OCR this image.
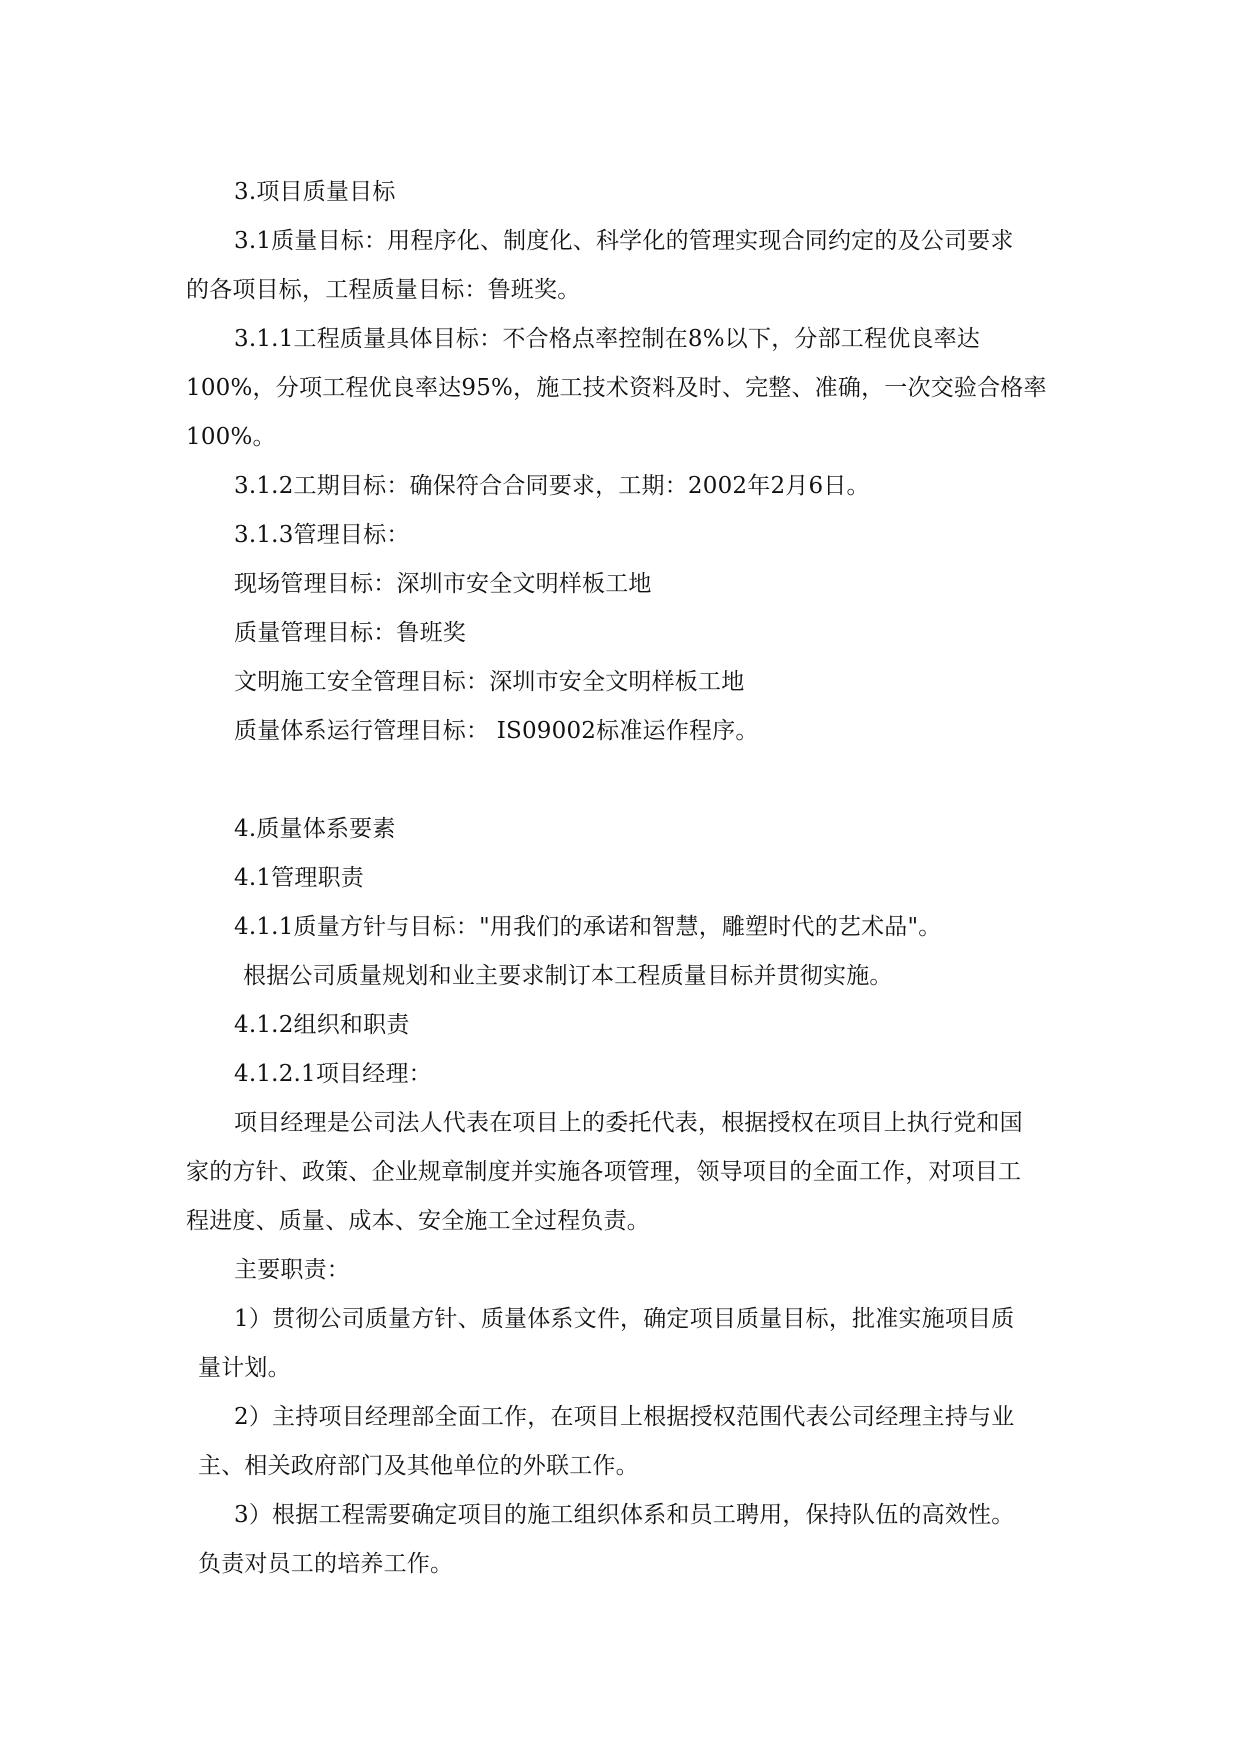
3.项目质量目标
3.1质量目标：用程序化、制度化、科学化的管理实现合同约定的及公司要求
的各项目标，工程质量目标：鲁班奖。
3.1.1工程质量具体目标：不合格点率控制在8%以下，分部工程优良率达
100%，分项工程优良率达95%，施工技术资料及时、完整、准确，一次交验合格率
100%。
3.1.2工期目标：确保符合合同要求，工期：2002年2月6日。
3.1.3管理目标：
现场管理目标：深圳市安全文明样板工地
质量管理目标：鲁班奖
文明施工安全管理目标：深圳市安全文明样板工地
质量体系运行管理目标： IS09002标准运作程序。
4.质量体系要素
4.1管理职责
4.1.1质量方针与目标："用我们的承诺和智慧，雕塑时代的艺术品"。
根据公司质量规划和业主要求制订本工程质量目标并贯彻实施。
4.1.2组织和职责
4.1.2.1项目经理：
项目经理是公司法人代表在项目上的委托代表，根据授权在项目上执行党和国
家的方针、政策、企业规章制度并实施各项管理，领导项目的全面工作，对项目工
程进度、质量、成本、安全施工全过程负责。
主要职责：
1）贯彻公司质量方针、质量体系文件，确定项目质量目标，批准实施项目质
量计划。
2）主持项目经理部全面工作，在项目上根据授权范围代表公司经理主持与业
主、相关政府部门及其他单位的外联工作。
3）根据工程需要确定项目的施工组织体系和员工聘用，保持队伍的高效性。
负责对员工的培养工作。
